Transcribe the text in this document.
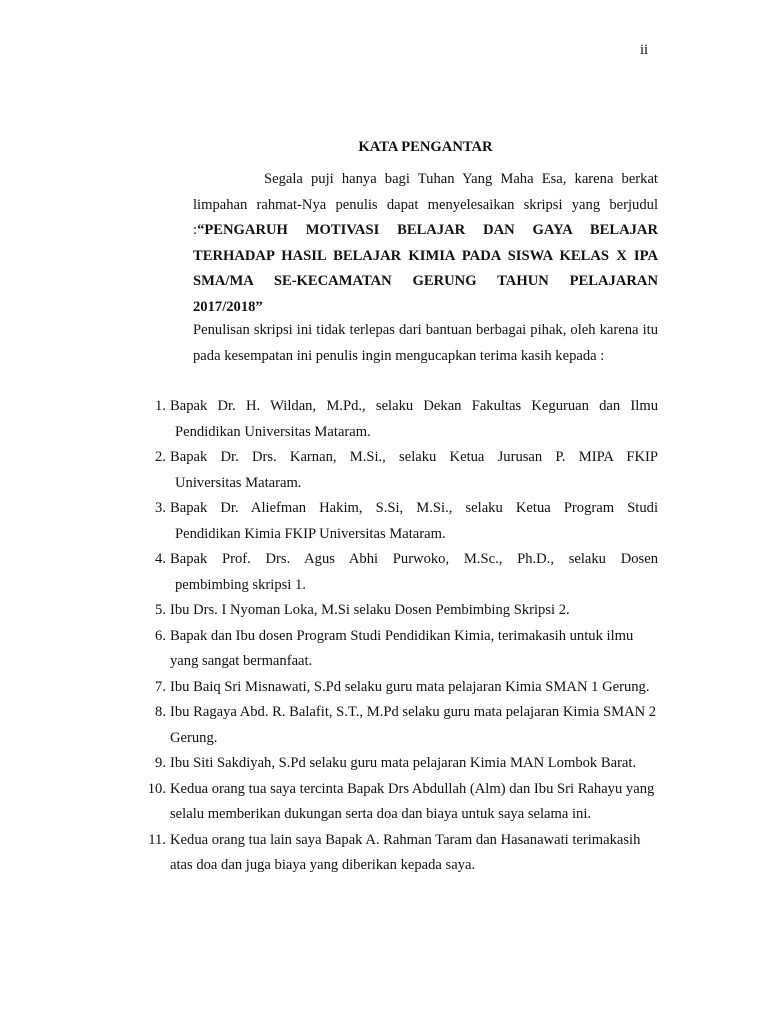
ii
KATA PENGANTAR

Segala puji hanya bagi Tuhan Yang Maha Esa, karena berkat limpahan rahmat-Nya penulis dapat menyelesaikan skripsi yang berjudul :“PENGARUH MOTIVASI BELAJAR DAN GAYA BELAJAR TERHADAP HASIL BELAJAR KIMIA PADA SISWA KELAS X IPA SMA/MA SE-KECAMATAN GERUNG TAHUN PELAJARAN 2017/2018”

Penulisan skripsi ini tidak terlepas dari bantuan berbagai pihak, oleh karena itu pada kesempatan ini penulis ingin mengucapkan terima kasih kepada :

1. Bapak Dr. H. Wildan, M.Pd., selaku Dekan Fakultas Keguruan dan Ilmu
Pendidikan Universitas Mataram.
2. Bapak Dr. Drs. Karnan, M.Si., selaku Ketua Jurusan P. MIPA FKIP
Universitas Mataram.
3. Bapak Dr. Aliefman Hakim, S.Si, M.Si., selaku Ketua Program Studi
Pendidikan Kimia FKIP Universitas Mataram.
4. Bapak Prof. Drs. Agus Abhi Purwoko, M.Sc., Ph.D., selaku Dosen
pembimbing skripsi 1.
5. Ibu Drs. I Nyoman Loka, M.Si selaku Dosen Pembimbing Skripsi 2.
6. Bapak dan Ibu dosen Program Studi Pendidikan Kimia, terimakasih untuk ilmu yang sangat bermanfaat.
7. Ibu Baiq Sri Misnawati, S.Pd selaku guru mata pelajaran Kimia SMAN 1 Gerung.
8. Ibu Ragaya Abd. R. Balafit, S.T., M.Pd selaku guru mata pelajaran Kimia SMAN 2 Gerung.
9. Ibu Siti Sakdiyah, S.Pd selaku guru mata pelajaran Kimia MAN Lombok Barat.
10. Kedua orang tua saya tercinta Bapak Drs Abdullah (Alm) dan Ibu Sri Rahayu yang selalu memberikan dukungan serta doa dan biaya untuk saya selama ini.
11. Kedua orang tua lain saya Bapak A. Rahman Taram dan Hasanawati terimakasih atas doa dan juga biaya yang diberikan kepada saya.
